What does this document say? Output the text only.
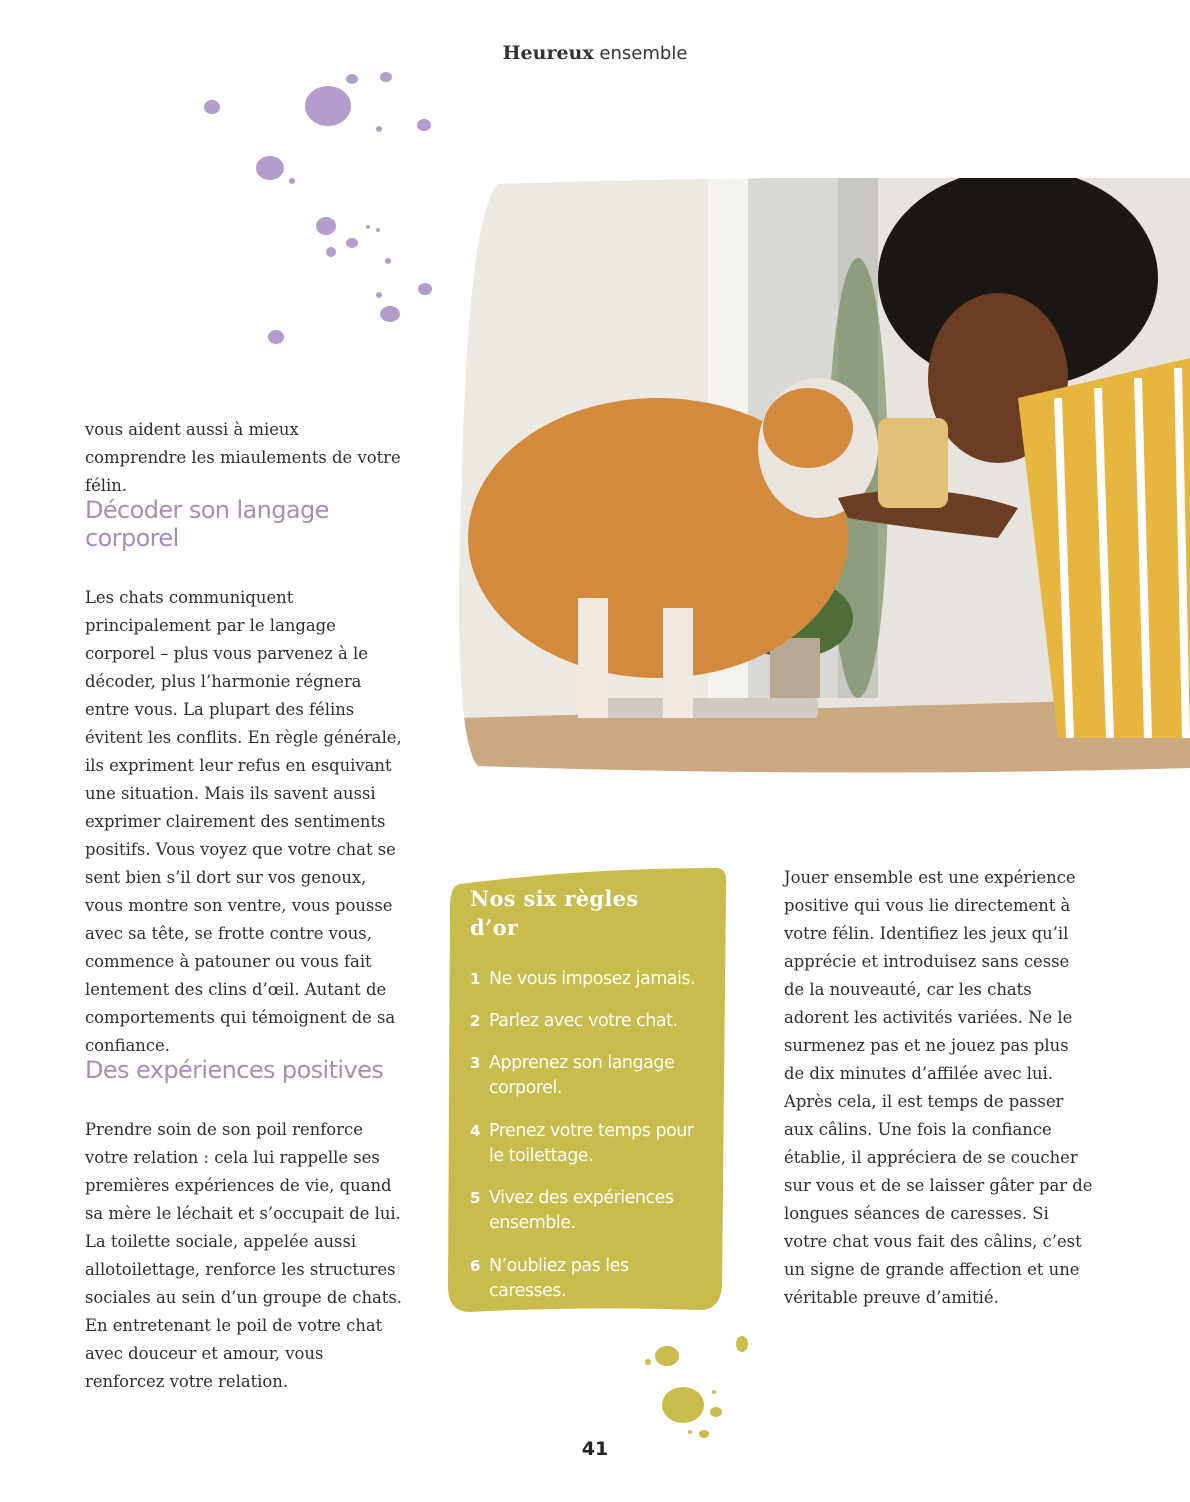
Heureux ensemble

vous aident aussi à mieux comprendre les miaulements de votre félin.

Décoder son langage
corporel

Les chats communiquent principalement par le langage corporel – plus vous parvenez à le décoder, plus l’harmonie régnera entre vous. La plupart des félins évitent les conflits. En règle générale, ils expriment leur refus en esquivant une situation. Mais ils savent aussi exprimer clairement des sentiments positifs. Vous voyez que votre chat se sent bien s’il dort sur vos genoux, vous montre son ventre, vous pousse avec sa tête, se frotte contre vous, commence à patouner ou vous fait lentement des clins d’œil. Autant de comportements qui témoignent de sa confiance.

Des expériences positives

Prendre soin de son poil renforce votre relation : cela lui rappelle ses premières expériences de vie, quand sa mère le léchait et s’occupait de lui. La toilette sociale, appelée aussi allotoilettage, renforce les structures sociales au sein d’un groupe de chats. En entretenant le poil de votre chat avec douceur et amour, vous renforcez votre relation.

Nos six règles
d’or
1 Ne vous imposez jamais.
2 Parlez avec votre chat.
3 Apprenez son langage
corporel.
4 Prenez votre temps pour
le toilettage.
5 Vivez des expériences
ensemble.
6 N’oubliez pas les caresses.

Jouer ensemble est une expérience positive qui vous lie directement à votre félin. Identifiez les jeux qu’il apprécie et introduisez sans cesse de la nouveauté, car les chats adorent les activités variées. Ne le surmenez pas et ne jouez pas plus de dix minutes d’affilée avec lui.

Après cela, il est temps de passer aux câlins. Une fois la confiance établie, il appréciera de se coucher sur vous et de se laisser gâter par de longues séances de caresses. Si votre chat vous fait des câlins, c’est un signe de grande affection et une véritable preuve d’amitié.

41
